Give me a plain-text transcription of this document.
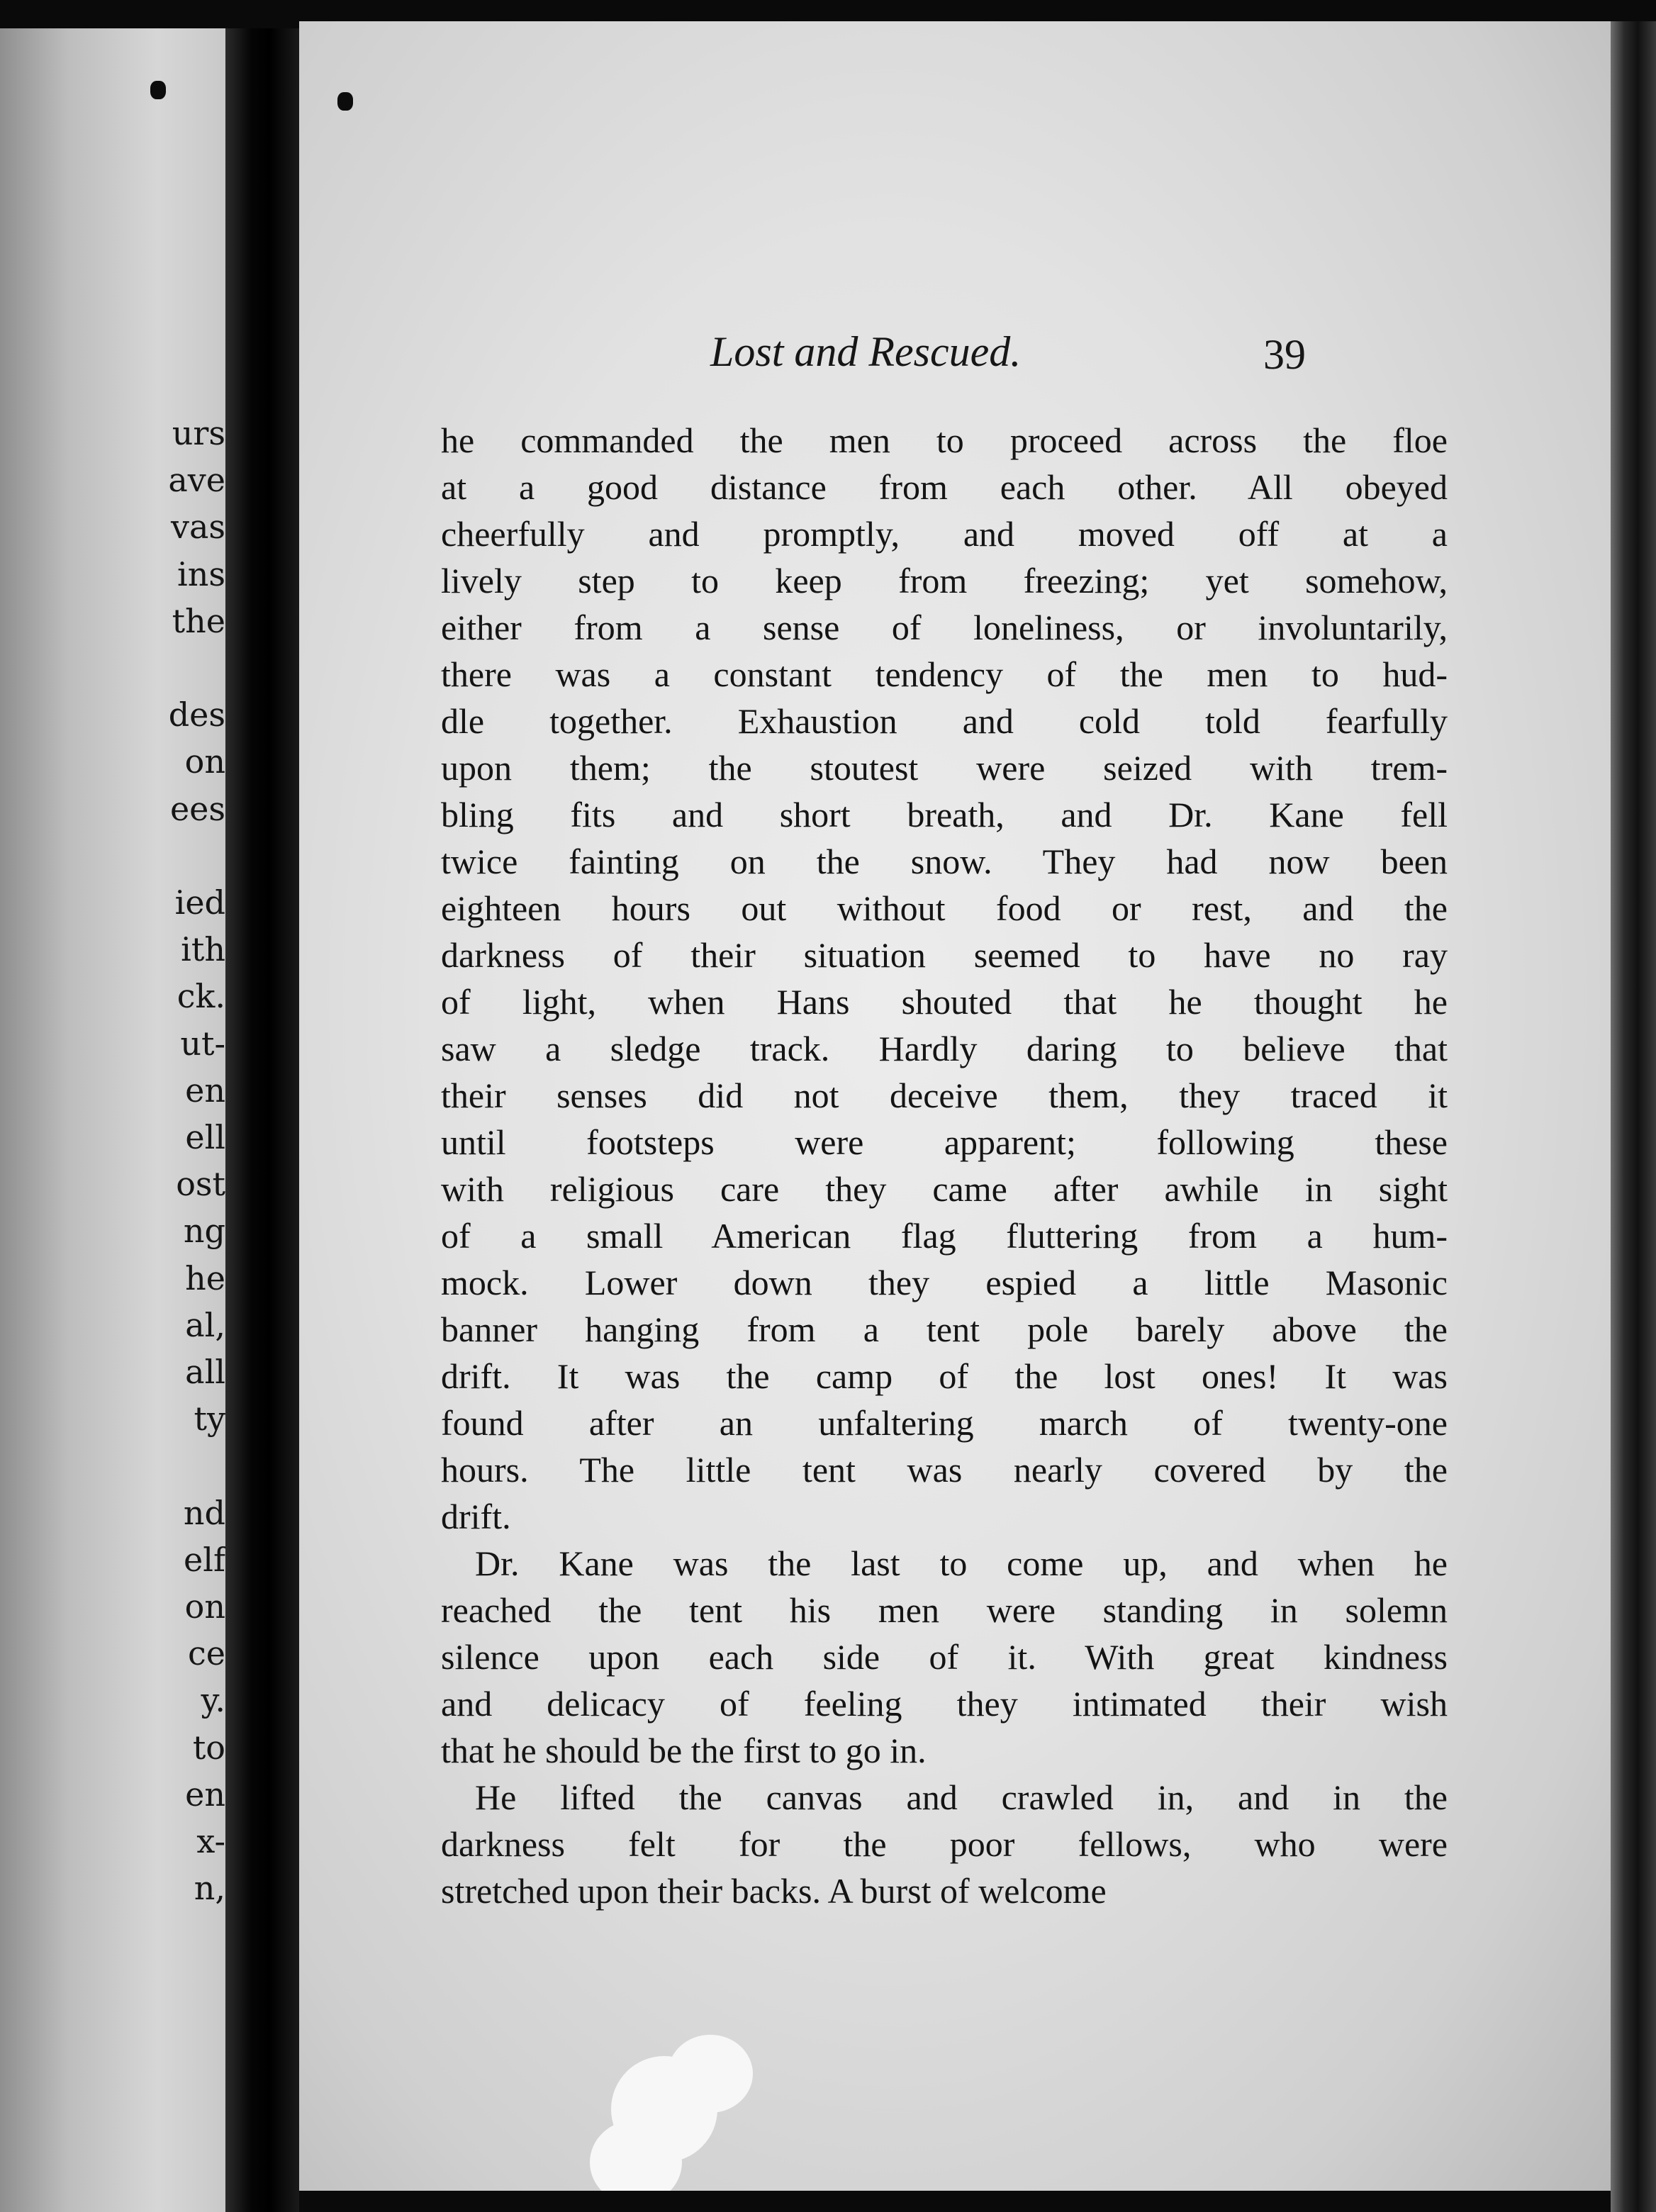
urs
ave
vas
ins
the
des
on
ees
ied
ith
ck.
ut-
en
ell
ost
ng
he
al,
all
ty
nd
elf
on
ce
y.
to
en
x-
n,
Lost and Rescued.	39
he commanded the men to proceed across the floe
at a good distance from each other. All obeyed
cheerfully and promptly, and moved off at a
lively step to keep from freezing; yet somehow,
either from a sense of loneliness, or involuntarily,
there was a constant tendency of the men to hud-
dle together. Exhaustion and cold told fearfully
upon them; the stoutest were seized with trem-
bling fits and short breath, and Dr. Kane fell
twice fainting on the snow. They had now been
eighteen hours out without food or rest, and the
darkness of their situation seemed to have no ray
of light, when Hans shouted that he thought he
saw a sledge track. Hardly daring to believe that
their senses did not deceive them, they traced it
until footsteps were apparent; following these
with religious care they came after awhile in sight
of a small American flag fluttering from a hum-
mock. Lower down they espied a little Masonic
banner hanging from a tent pole barely above the
drift. It was the camp of the lost ones! It was
found after an unfaltering march of twenty-one
hours. The little tent was nearly covered by the
drift.
Dr. Kane was the last to come up, and when he
reached the tent his men were standing in solemn
silence upon each side of it. With great kindness
and delicacy of feeling they intimated their wish
that he should be the first to go in.
He lifted the canvas and crawled in, and in the
darkness felt for the poor fellows, who were
stretched upon their backs. A burst of welcome
